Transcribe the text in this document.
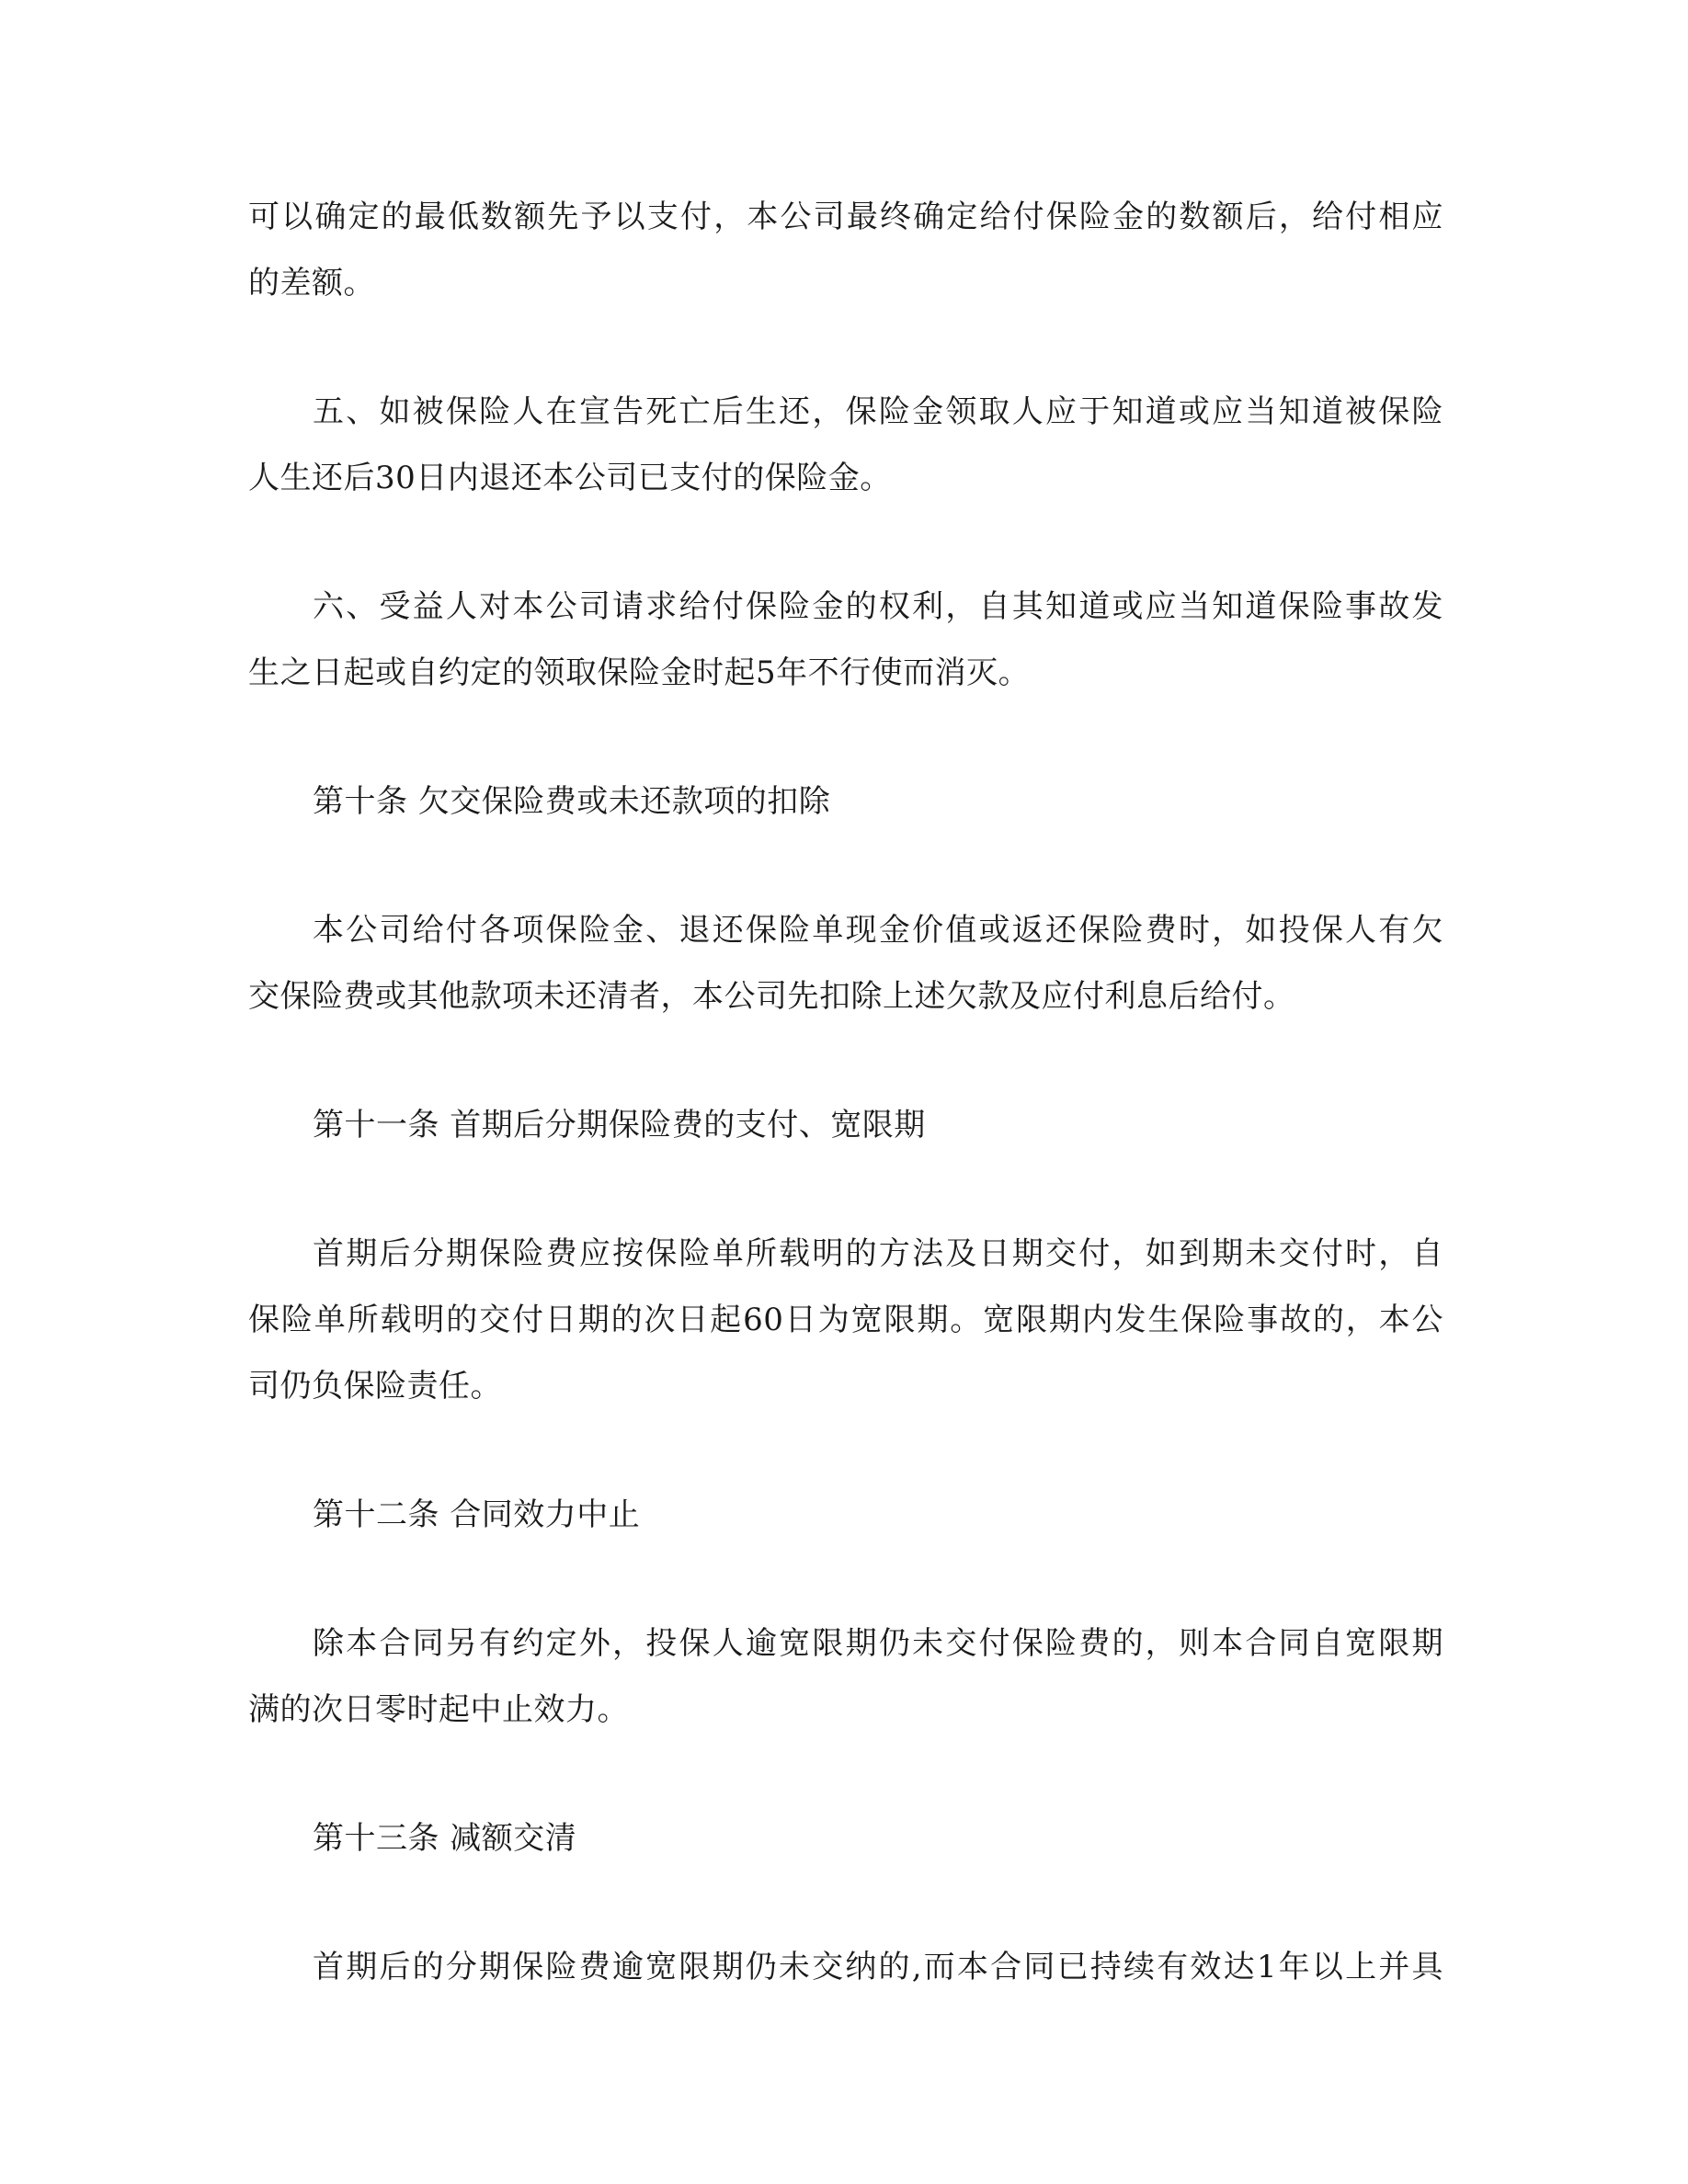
可以确定的最低数额先予以支付，本公司最终确定给付保险金的数额后，给付相应
的差额。
五、如被保险人在宣告死亡后生还，保险金领取人应于知道或应当知道被保险
人生还后30日内退还本公司已支付的保险金。
六、受益人对本公司请求给付保险金的权利，自其知道或应当知道保险事故发
生之日起或自约定的领取保险金时起5年不行使而消灭。
第十条 欠交保险费或未还款项的扣除
本公司给付各项保险金、退还保险单现金价值或返还保险费时，如投保人有欠
交保险费或其他款项未还清者，本公司先扣除上述欠款及应付利息后给付。
第十一条 首期后分期保险费的支付、宽限期
首期后分期保险费应按保险单所载明的方法及日期交付，如到期未交付时，自
保险单所载明的交付日期的次日起60日为宽限期。宽限期内发生保险事故的，本公
司仍负保险责任。
第十二条 合同效力中止
除本合同另有约定外，投保人逾宽限期仍未交付保险费的，则本合同自宽限期
满的次日零时起中止效力。
第十三条 减额交清
首期后的分期保险费逾宽限期仍未交纳的,而本合同已持续有效达1年以上并具
